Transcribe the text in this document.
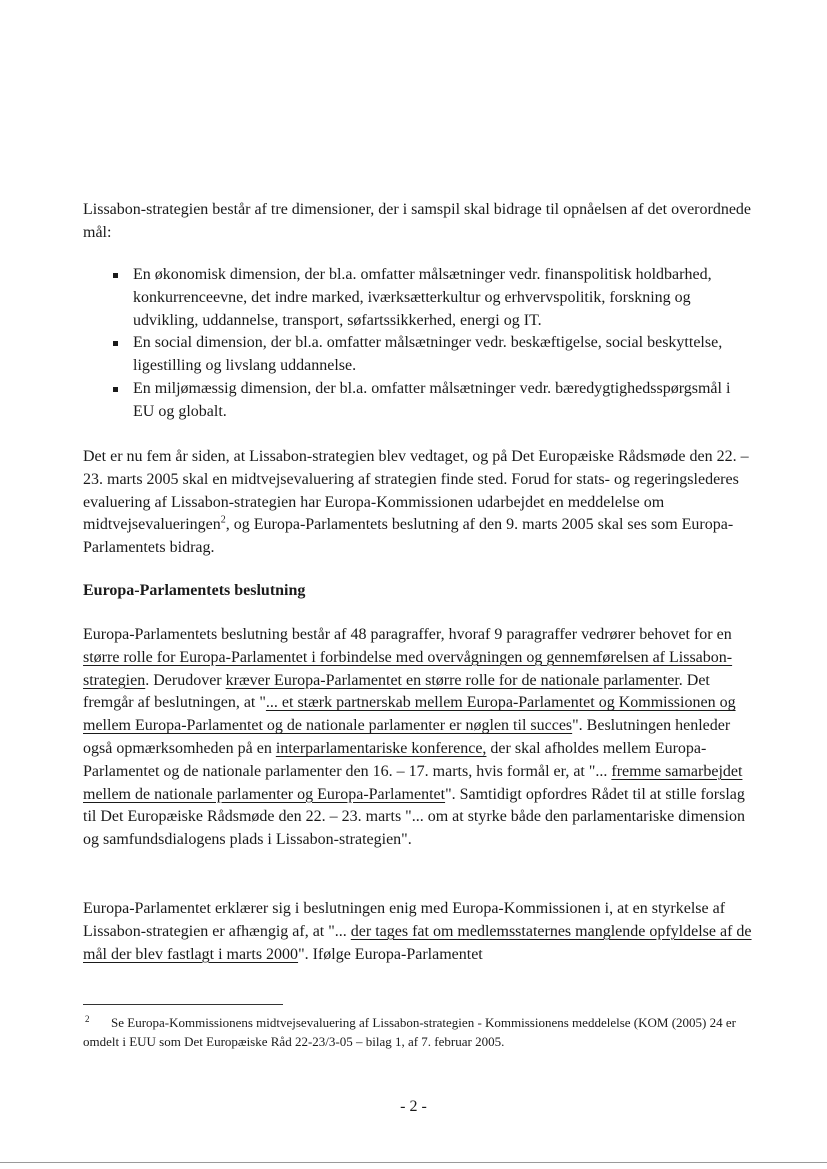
Lissabon-strategien består af tre dimensioner, der i samspil skal bidrage til opnåelsen af det overordnede mål:

En økonomisk dimension, der bl.a. omfatter målsætninger vedr. finanspolitisk holdbarhed, konkurrenceevne, det indre marked, iværksætterkultur og erhvervspolitik, forskning og udvikling, uddannelse, transport, søfartssikkerhed, energi og IT.
En social dimension, der bl.a. omfatter målsætninger vedr. beskæftigelse, social beskyttelse, ligestilling og livslang uddannelse.
En miljømæssig dimension, der bl.a. omfatter målsætninger vedr. bæredygtighedsspørgsmål i EU og globalt.

Det er nu fem år siden, at Lissabon-strategien blev vedtaget, og på Det Europæiske Rådsmøde den 22. – 23. marts 2005 skal en midtvejsevaluering af strategien finde sted. Forud for stats- og regeringslederes evaluering af Lissabon-strategien har Europa-Kommissionen udarbejdet en meddelelse om midtvejsevalueringen$^2$, og Europa-Parlamentets beslutning af den 9. marts 2005 skal ses som Europa-Parlamentets bidrag.

Europa-Parlamentets beslutning

Europa-Parlamentets beslutning består af 48 paragraffer, hvoraf 9 paragraffer vedrører behovet for en større rolle for Europa-Parlamentet i forbindelse med overvågningen og gennemførelsen af Lissabon-strategien. Derudover kræver Europa-Parlamentet en større rolle for de nationale parlamenter. Det fremgår af beslutningen, at "... et stærk partnerskab mellem Europa-Parlamentet og Kommissionen og mellem Europa-Parlamentet og de nationale parlamenter er nøglen til succes". Beslutningen henleder også opmærksomheden på en interparlamentariske konference, der skal afholdes mellem Europa-Parlamentet og de nationale parlamenter den 16. – 17. marts, hvis formål er, at "... fremme samarbejdet mellem de nationale parlamenter og Europa-Parlamentet". Samtidigt opfordres Rådet til at stille forslag til Det Europæiske Rådsmøde den 22. – 23. marts "... om at styrke både den parlamentariske dimension og samfundsdialogens plads i Lissabon-strategien".

Europa-Parlamentet erklærer sig i beslutningen enig med Europa-Kommissionen i, at en styrkelse af Lissabon-strategien er afhængig af, at "... der tages fat om medlemsstaternes manglende opfyldelse af de mål der blev fastlagt i marts 2000". Ifølge Europa-Parlamentet

2 Se Europa-Kommissionens midtvejsevaluering af Lissabon-strategien - Kommissionens meddelelse (KOM (2005) 24 er omdelt i EUU som Det Europæiske Råd 22-23/3-05 – bilag 1, af 7. februar 2005.
- 2 -
